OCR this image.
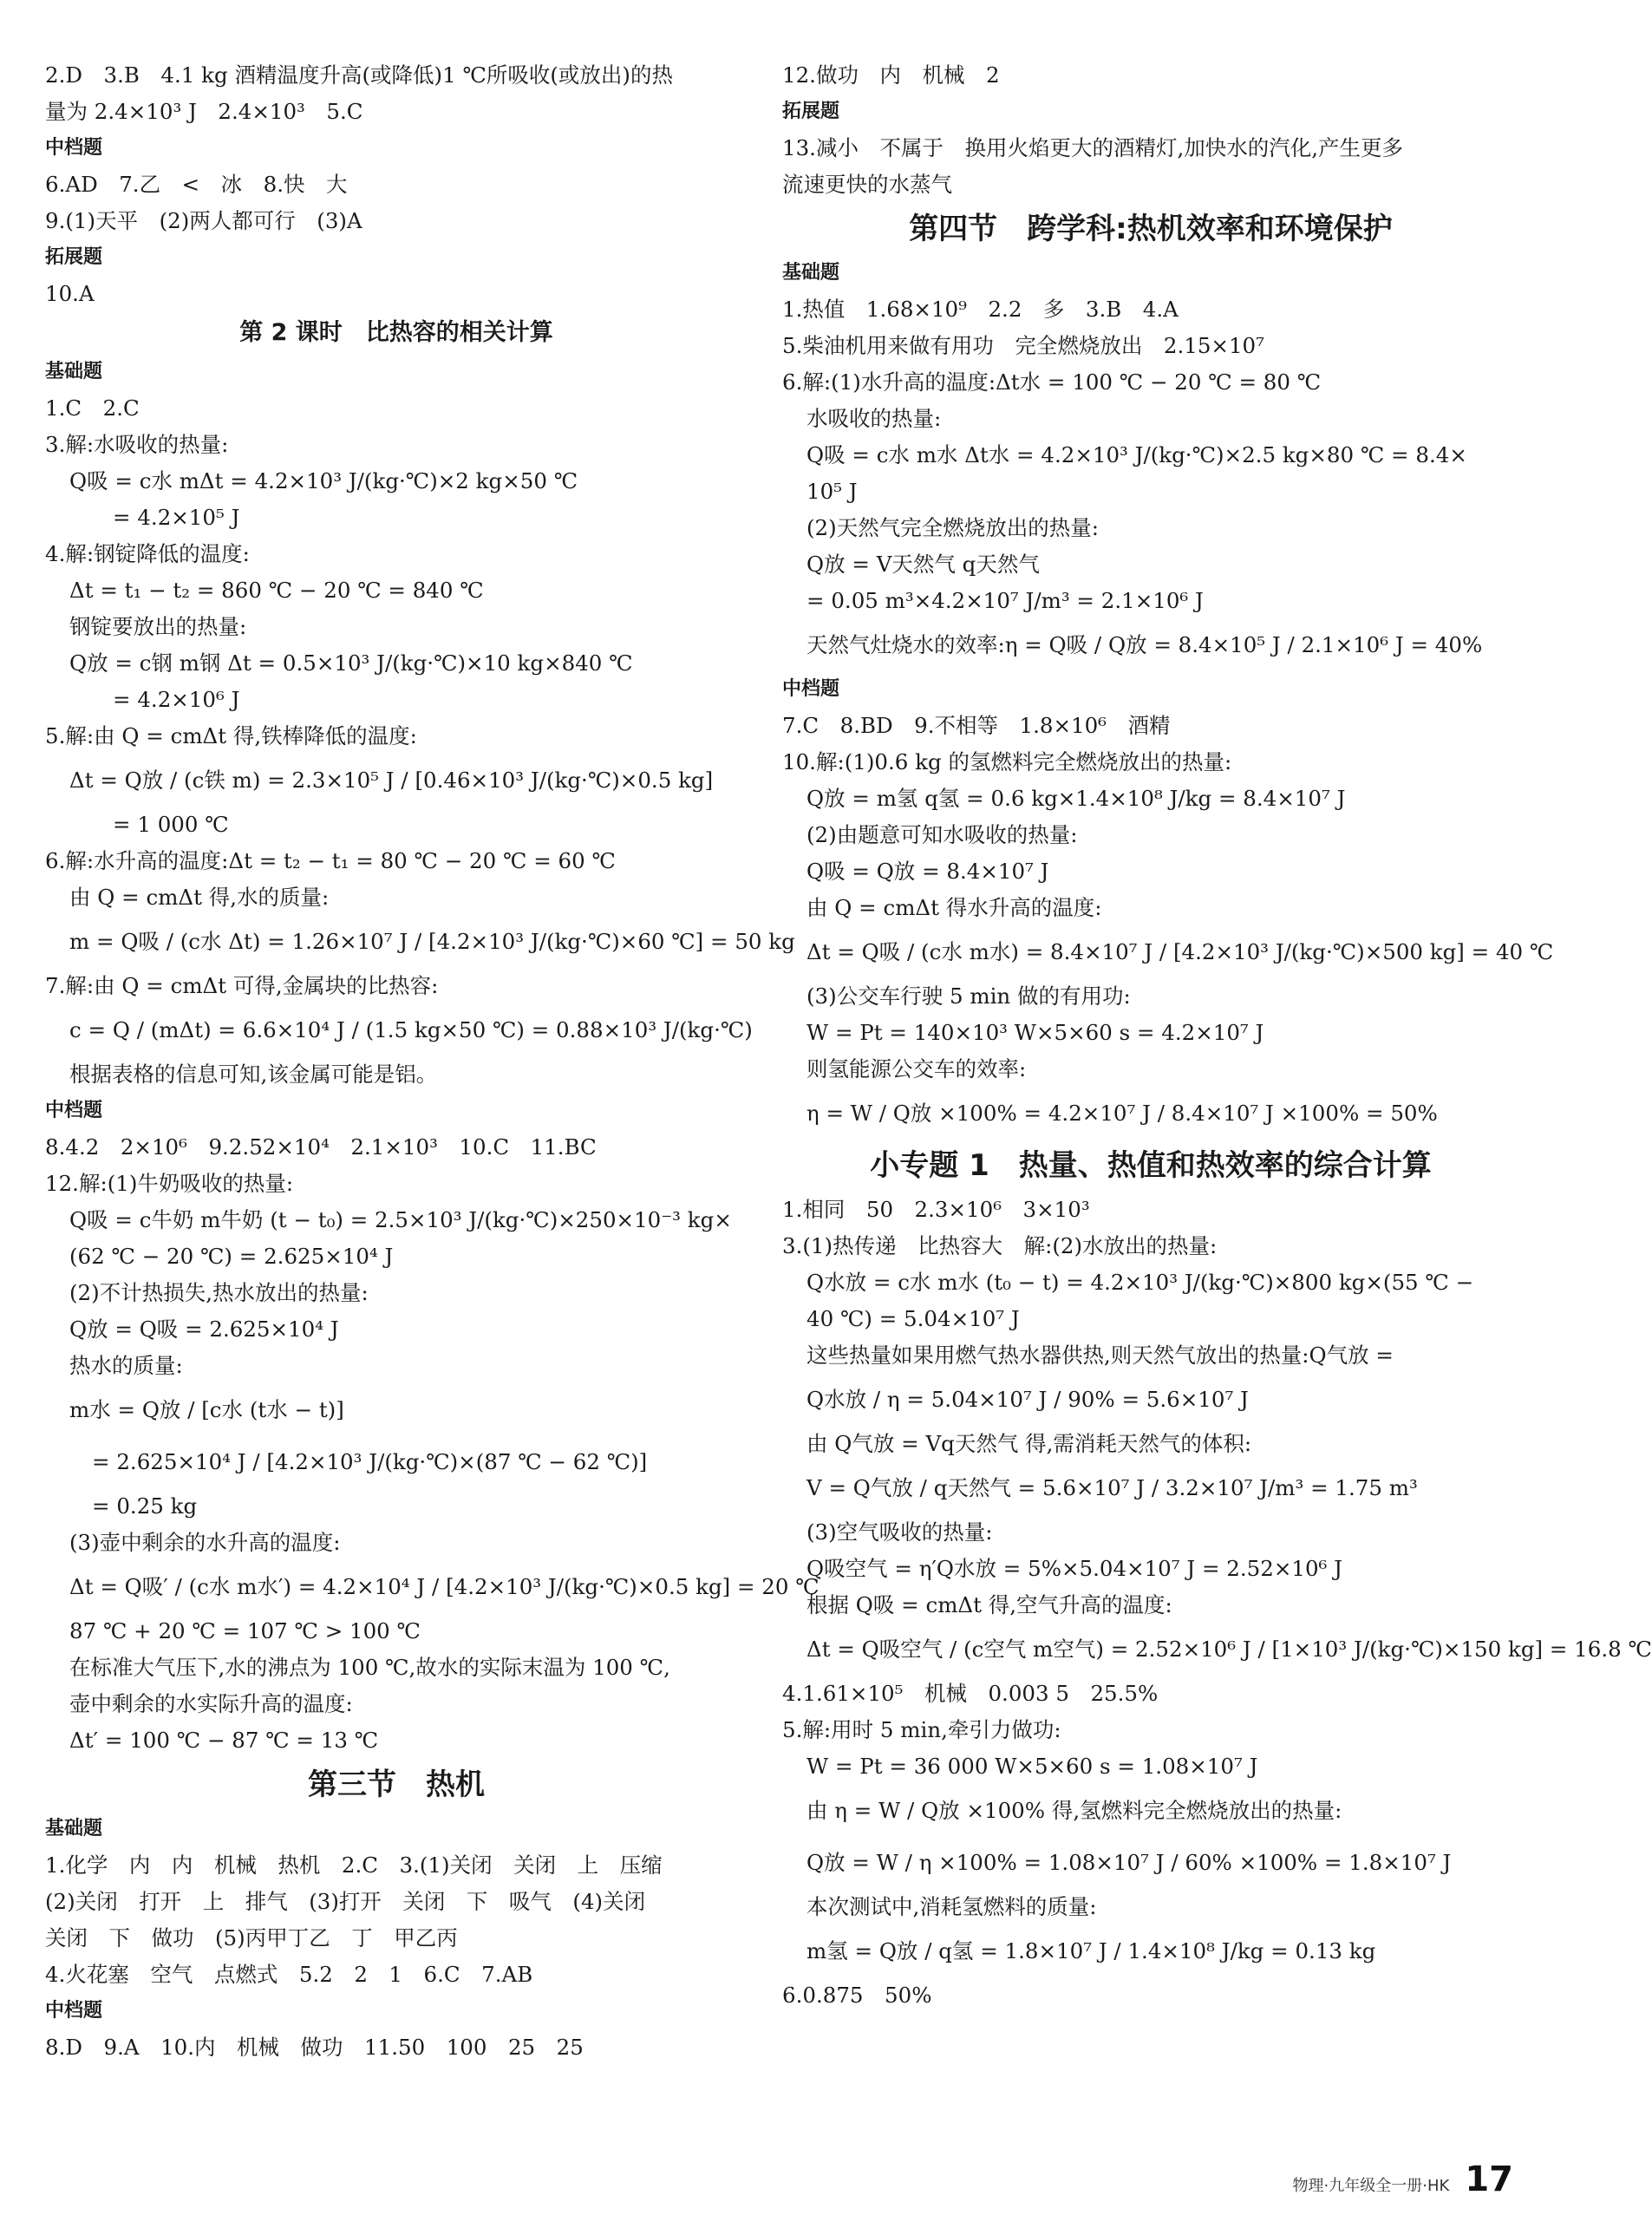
2.D　3.B　4.1 kg 酒精温度升高(或降低)1 ℃所吸收(或放出)的热
量为 2.4×10³ J　2.4×10³　5.C
中档题
6.AD　7.乙　<　冰　8.快　大
9.(1)天平　(2)两人都可行　(3)A
拓展题
10.A
第 2 课时　比热容的相关计算
基础题
1.C　2.C
3.解:水吸收的热量:
Q吸 = c水 mΔt = 4.2×10³ J/(kg·℃)×2 kg×50 ℃
= 4.2×10⁵ J
4.解:钢锭降低的温度:
Δt = t₁ − t₂ = 860 ℃ − 20 ℃ = 840 ℃
钢锭要放出的热量:
Q放 = c钢 m钢 Δt = 0.5×10³ J/(kg·℃)×10 kg×840 ℃
= 4.2×10⁶ J
5.解:由 Q = cmΔt 得,铁棒降低的温度:
Δt = Q放 / (c铁 m) = 2.3×10⁵ J / [0.46×10³ J/(kg·℃)×0.5 kg]
= 1 000 ℃
6.解:水升高的温度:Δt = t₂ − t₁ = 80 ℃ − 20 ℃ = 60 ℃
由 Q = cmΔt 得,水的质量:
m = Q吸 / (c水 Δt) = 1.26×10⁷ J / [4.2×10³ J/(kg·℃)×60 ℃] = 50 kg
7.解:由 Q = cmΔt 可得,金属块的比热容:
c = Q / (mΔt) = 6.6×10⁴ J / (1.5 kg×50 ℃) = 0.88×10³ J/(kg·℃)
根据表格的信息可知,该金属可能是铝。
中档题
8.4.2　2×10⁶　9.2.52×10⁴　2.1×10³　10.C　11.BC
12.解:(1)牛奶吸收的热量:
Q吸 = c牛奶 m牛奶 (t − t₀) = 2.5×10³ J/(kg·℃)×250×10⁻³ kg×
(62 ℃ − 20 ℃) = 2.625×10⁴ J
(2)不计热损失,热水放出的热量:
Q放 = Q吸 = 2.625×10⁴ J
热水的质量:
m水 = Q放 / [c水 (t水 − t)]
= 2.625×10⁴ J / [4.2×10³ J/(kg·℃)×(87 ℃ − 62 ℃)]
= 0.25 kg
(3)壶中剩余的水升高的温度:
Δt = Q吸′ / (c水 m水′) = 4.2×10⁴ J / [4.2×10³ J/(kg·℃)×0.5 kg] = 20 ℃
87 ℃ + 20 ℃ = 107 ℃ > 100 ℃
在标准大气压下,水的沸点为 100 ℃,故水的实际末温为 100 ℃,
壶中剩余的水实际升高的温度:
Δt′ = 100 ℃ − 87 ℃ = 13 ℃
第三节　热机
基础题
1.化学　内　内　机械　热机　2.C　3.(1)关闭　关闭　上　压缩
(2)关闭　打开　上　排气　(3)打开　关闭　下　吸气　(4)关闭
关闭　下　做功　(5)丙甲丁乙　丁　甲乙丙
4.火花塞　空气　点燃式　5.2　2　1　6.C　7.AB
中档题
8.D　9.A　10.内　机械　做功　11.50　100　25　25
12.做功　内　机械　2
拓展题
13.减小　不属于　换用火焰更大的酒精灯,加快水的汽化,产生更多
流速更快的水蒸气
第四节　跨学科:热机效率和环境保护
基础题
1.热值　1.68×10⁹　2.2　多　3.B　4.A
5.柴油机用来做有用功　完全燃烧放出　2.15×10⁷
6.解:(1)水升高的温度:Δt水 = 100 ℃ − 20 ℃ = 80 ℃
水吸收的热量:
Q吸 = c水 m水 Δt水 = 4.2×10³ J/(kg·℃)×2.5 kg×80 ℃ = 8.4×
10⁵ J
(2)天然气完全燃烧放出的热量:
Q放 = V天然气 q天然气
= 0.05 m³×4.2×10⁷ J/m³ = 2.1×10⁶ J
天然气灶烧水的效率:η = Q吸 / Q放 = 8.4×10⁵ J / 2.1×10⁶ J = 40%
中档题
7.C　8.BD　9.不相等　1.8×10⁶　酒精
10.解:(1)0.6 kg 的氢燃料完全燃烧放出的热量:
Q放 = m氢 q氢 = 0.6 kg×1.4×10⁸ J/kg = 8.4×10⁷ J
(2)由题意可知水吸收的热量:
Q吸 = Q放 = 8.4×10⁷ J
由 Q = cmΔt 得水升高的温度:
Δt = Q吸 / (c水 m水) = 8.4×10⁷ J / [4.2×10³ J/(kg·℃)×500 kg] = 40 ℃
(3)公交车行驶 5 min 做的有用功:
W = Pt = 140×10³ W×5×60 s = 4.2×10⁷ J
则氢能源公交车的效率:
η = W / Q放 ×100% = 4.2×10⁷ J / 8.4×10⁷ J ×100% = 50%
小专题 1　热量、热值和热效率的综合计算
1.相同　50　2.3×10⁶　3×10³
3.(1)热传递　比热容大　解:(2)水放出的热量:
Q水放 = c水 m水 (t₀ − t) = 4.2×10³ J/(kg·℃)×800 kg×(55 ℃ −
40 ℃) = 5.04×10⁷ J
这些热量如果用燃气热水器供热,则天然气放出的热量:Q气放 =
Q水放 / η = 5.04×10⁷ J / 90% = 5.6×10⁷ J
由 Q气放 = Vq天然气 得,需消耗天然气的体积:
V = Q气放 / q天然气 = 5.6×10⁷ J / 3.2×10⁷ J/m³ = 1.75 m³
(3)空气吸收的热量:
Q吸空气 = η′Q水放 = 5%×5.04×10⁷ J = 2.52×10⁶ J
根据 Q吸 = cmΔt 得,空气升高的温度:
Δt = Q吸空气 / (c空气 m空气) = 2.52×10⁶ J / [1×10³ J/(kg·℃)×150 kg] = 16.8 ℃
4.1.61×10⁵　机械　0.003 5　25.5%
5.解:用时 5 min,牵引力做功:
W = Pt = 36 000 W×5×60 s = 1.08×10⁷ J
由 η = W / Q放 ×100% 得,氢燃料完全燃烧放出的热量:
Q放 = W / η ×100% = 1.08×10⁷ J / 60% ×100% = 1.8×10⁷ J
本次测试中,消耗氢燃料的质量:
m氢 = Q放 / q氢 = 1.8×10⁷ J / 1.4×10⁸ J/kg = 0.13 kg
6.0.875　50%
物理·九年级全一册·HK 17
